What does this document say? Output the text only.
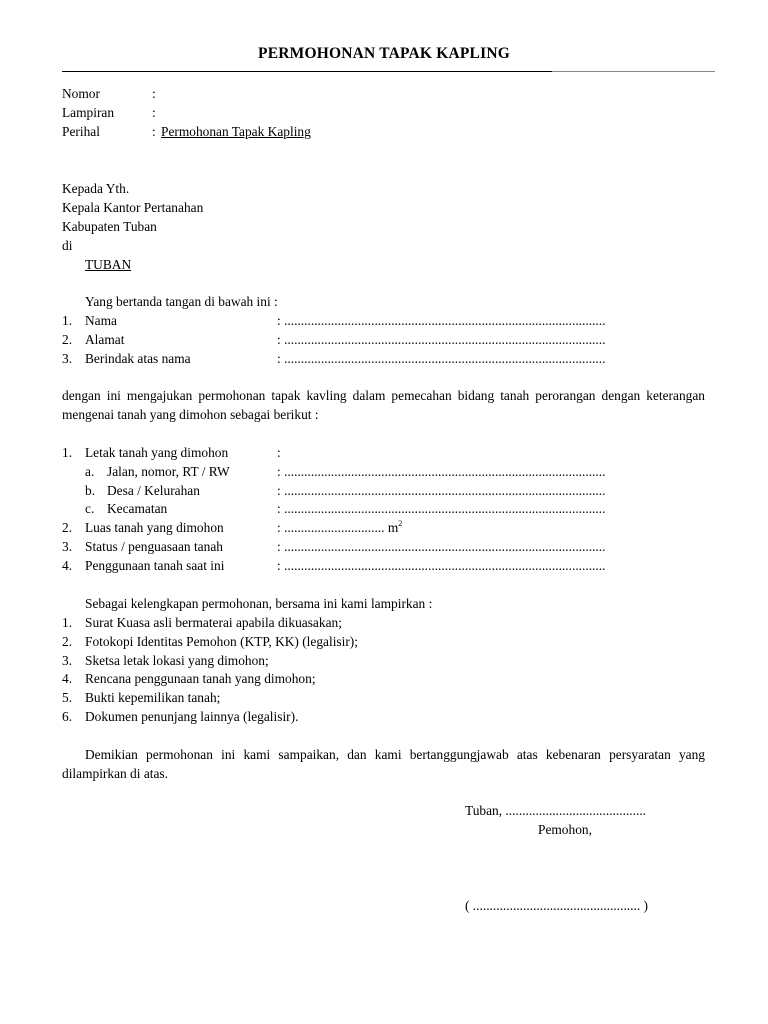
PERMOHONAN TAPAK KAPLING
Nomor	:
Lampiran	:
Perihal	: Permohonan Tapak Kapling
Kepada Yth.
Kepala Kantor Pertanahan
Kabupaten Tuban
di
TUBAN
Yang bertanda tangan di bawah ini :
1. Nama	: ................................................................................................
2. Alamat	: ................................................................................................
3. Berindak atas nama	: ................................................................................................
dengan ini mengajukan permohonan tapak kavling dalam pemecahan bidang tanah perorangan dengan keterangan mengenai tanah yang dimohon sebagai berikut :
1. Letak tanah yang dimohon	:
a. Jalan, nomor, RT / RW	: ................................................................................................
b. Desa / Kelurahan	: ................................................................................................
c. Kecamatan	: ................................................................................................
2. Luas tanah yang dimohon	: .............................. $m^2$
3. Status / penguasaan tanah	: ................................................................................................
4. Penggunaan tanah saat ini	: ................................................................................................
Sebagai kelengkapan permohonan, bersama ini kami lampirkan :
1. Surat Kuasa asli bermaterai apabila dikuasakan;
2. Fotokopi Identitas Pemohon (KTP, KK) (legalisir);
3. Sketsa letak lokasi yang dimohon;
4. Rencana penggunaan tanah yang dimohon;
5. Bukti kepemilikan tanah;
6. Dokumen penunjang lainnya (legalisir).
Demikian permohonan ini kami sampaikan, dan kami bertanggungjawab atas kebenaran persyaratan yang dilampirkan di atas.
Tuban, ..........................................
Pemohon,
( .................................................. )
